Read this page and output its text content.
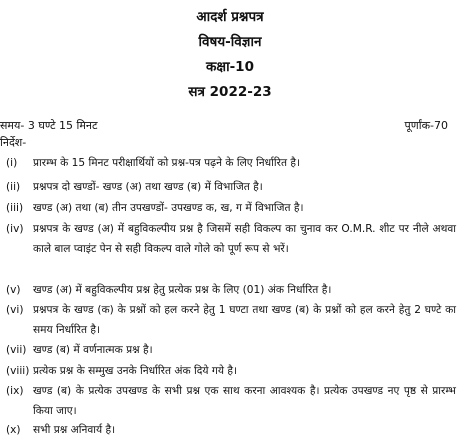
आदर्श प्रश्नपत्र
विषय-विज्ञान
कक्षा-10
सत्र 2022-23
समय- 3 घण्टे 15 मिनट	पूर्णांक-70
निर्देश-
(i) प्रारम्भ के 15 मिनट परीक्षार्थियों को प्रश्न-पत्र पढ़ने के लिए निर्धारित है।
(ii) प्रश्नपत्र दो खण्डों- खण्ड (अ) तथा खण्ड (ब) में विभाजित है।
(iii) खण्ड (अ) तथा (ब) तीन उपखण्डों- उपखण्ड क, ख, ग में विभाजित है।
(iv) प्रश्नपत्र के खण्ड (अ) में बहुविकल्पीय प्रश्न है जिसमें सही विकल्प का चुनाव कर O.M.R. शीट पर नीले अथवा काले बाल प्वाइंट पेन से सही विकल्प वाले गोले को पूर्ण रूप से भरें।
(v) खण्ड (अ) में बहुविकल्पीय प्रश्न हेतु प्रत्येक प्रश्न के लिए (01) अंक निर्धारित है।
(vi) प्रश्नपत्र के खण्ड (क) के प्रश्नों को हल करने हेतु 1 घण्टा तथा खण्ड (ब) के प्रश्नों को हल करने हेतु 2 घण्टे का समय निर्धारित है।
(vii) खण्ड (ब) में वर्णनात्मक प्रश्न है।
(viii) प्रत्येक प्रश्न के सम्मुख उनके निर्धारित अंक दिये गये है।
(ix) खण्ड (ब) के प्रत्येक उपखण्ड के सभी प्रश्न एक साथ करना आवश्यक है। प्रत्येक उपखण्ड नए पृष्ठ से प्रारम्भ किया जाए।
(x) सभी प्रश्न अनिवार्य है।
